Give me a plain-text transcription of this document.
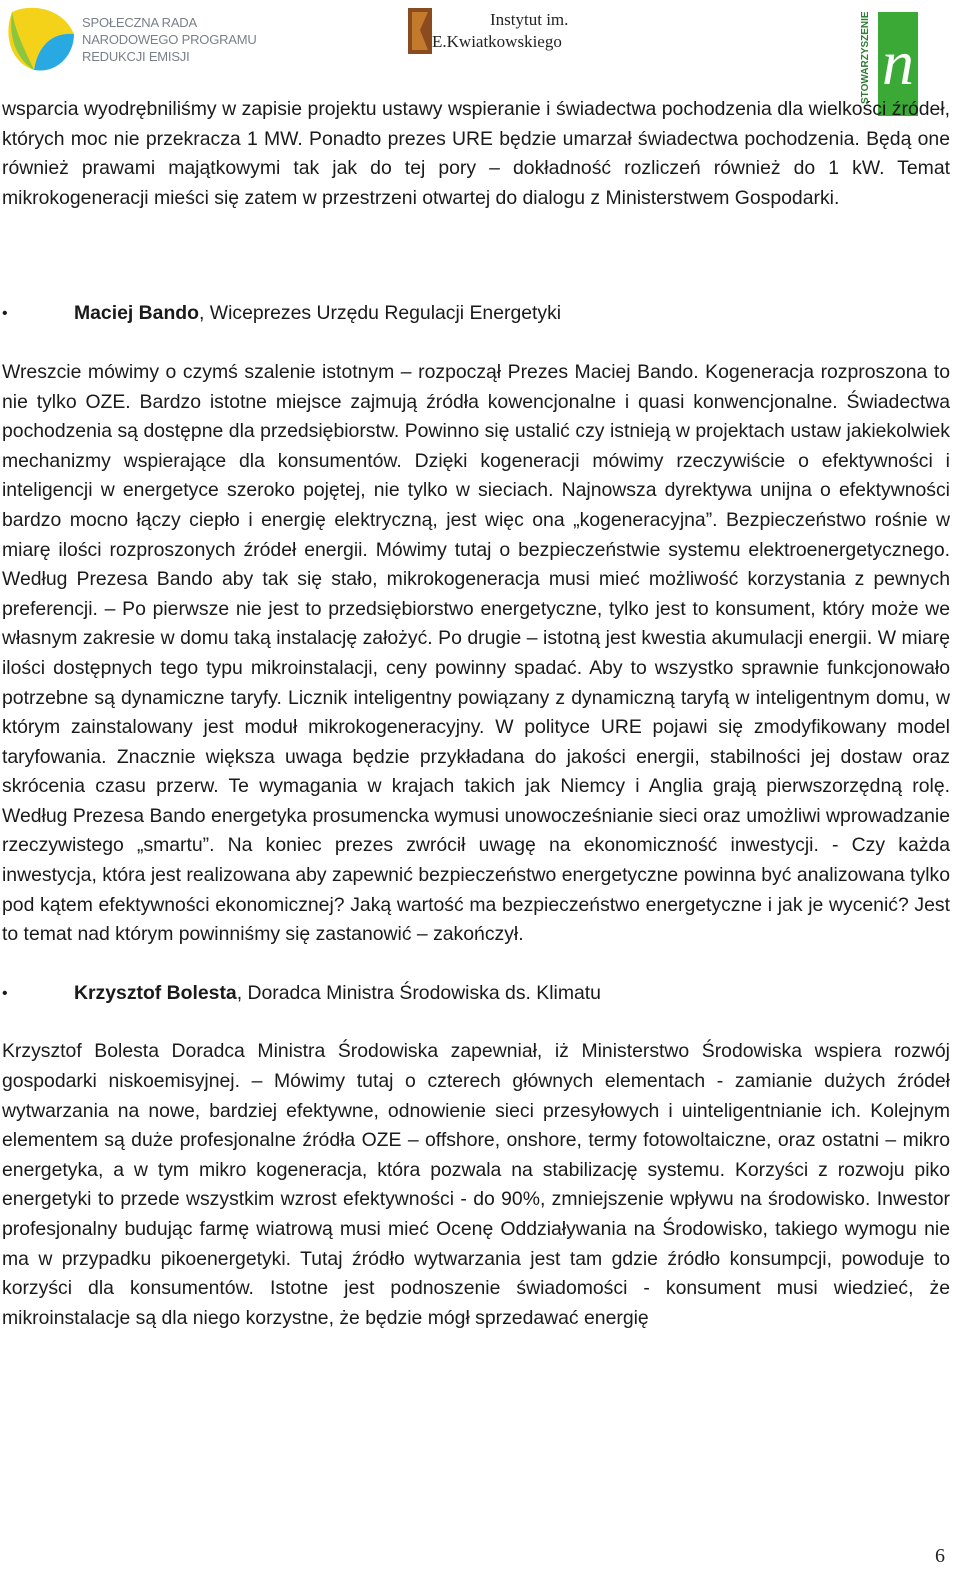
SPOŁECZNA RADA
NARODOWEGO PROGRAMU
REDUKCJI EMISJI
Instytut im.
E.Kwiatkowskiego	STOWARZYSZENIE n

wsparcia wyodrębniliśmy w zapisie projektu ustawy wspieranie i świadectwa pochodzenia dla wielkości źródeł, których moc nie przekracza 1 MW. Ponadto prezes URE będzie umarzał świadectwa pochodzenia. Będą one również prawami majątkowymi tak jak do tej pory – dokładność rozliczeń również do 1 kW. Temat mikrokogeneracji mieści się zatem w przestrzeni otwartej do dialogu z Ministerstwem Gospodarki.

•	Maciej Bando, Wiceprezes Urzędu Regulacji Energetyki

Wreszcie mówimy o czymś szalenie istotnym – rozpoczął Prezes Maciej Bando. Kogeneracja rozproszona to nie tylko OZE. Bardzo istotne miejsce zajmują źródła kowencjonalne i quasi konwencjonalne. Świadectwa pochodzenia są dostępne dla przedsiębiorstw. Powinno się ustalić czy istnieją w projektach ustaw jakiekolwiek mechanizmy wspierające dla konsumentów. Dzięki kogeneracji mówimy rzeczywiście o efektywności i inteligencji w energetyce szeroko pojętej, nie tylko w sieciach. Najnowsza dyrektywa unijna o efektywności bardzo mocno łączy ciepło i energię elektryczną, jest więc ona „kogeneracyjna”. Bezpieczeństwo rośnie w miarę ilości rozproszonych źródeł energii. Mówimy tutaj o bezpieczeństwie systemu elektroenergetycznego. Według Prezesa Bando aby tak się stało, mikrokogeneracja musi mieć możliwość korzystania z pewnych preferencji. – Po pierwsze nie jest to przedsiębiorstwo energetyczne, tylko jest to konsument, który może we własnym zakresie w domu taką instalację założyć. Po drugie – istotną jest kwestia akumulacji energii. W miarę ilości dostępnych tego typu mikroinstalacji, ceny powinny spadać. Aby to wszystko sprawnie funkcjonowało potrzebne są dynamiczne taryfy. Licznik inteligentny powiązany z dynamiczną taryfą w inteligentnym domu, w którym zainstalowany jest moduł mikrokogeneracyjny. W polityce URE pojawi się zmodyfikowany model taryfowania. Znacznie większa uwaga będzie przykładana do jakości energii, stabilności jej dostaw oraz skrócenia czasu przerw. Te wymagania w krajach takich jak Niemcy i Anglia grają pierwszorzędną rolę. Według Prezesa Bando energetyka prosumencka wymusi unowocześnianie sieci oraz umożliwi wprowadzanie rzeczywistego „smartu”. Na koniec prezes zwrócił uwagę na ekonomiczność inwestycji. - Czy każda inwestycja, która jest realizowana aby zapewnić bezpieczeństwo energetyczne powinna być analizowana tylko pod kątem efektywności ekonomicznej? Jaką wartość ma bezpieczeństwo energetyczne i jak je wycenić? Jest to temat nad którym powinniśmy się zastanowić – zakończył.

•	Krzysztof Bolesta, Doradca Ministra Środowiska ds. Klimatu

Krzysztof Bolesta Doradca Ministra Środowiska zapewniał, iż Ministerstwo Środowiska wspiera rozwój gospodarki niskoemisyjnej. – Mówimy tutaj o czterech głównych elementach - zamianie dużych źródeł wytwarzania na nowe, bardziej efektywne, odnowienie sieci przesyłowych i uinteligentnianie ich. Kolejnym elementem są duże profesjonalne źródła OZE – offshore, onshore, termy fotowoltaiczne, oraz ostatni – mikro energetyka, a w tym mikro kogeneracja, która pozwala na stabilizację systemu. Korzyści z rozwoju piko energetyki to przede wszystkim wzrost efektywności - do 90%, zmniejszenie wpływu na środowisko. Inwestor profesjonalny budując farmę wiatrową musi mieć Ocenę Oddziaływania na Środowisko, takiego wymogu nie ma w przypadku pikoenergetyki. Tutaj źródło wytwarzania jest tam gdzie źródło konsumpcji, powoduje to korzyści dla konsumentów. Istotne jest podnoszenie świadomości - konsument musi wiedzieć, że mikroinstalacje są dla niego korzystne, że będzie mógł sprzedawać energię

6
